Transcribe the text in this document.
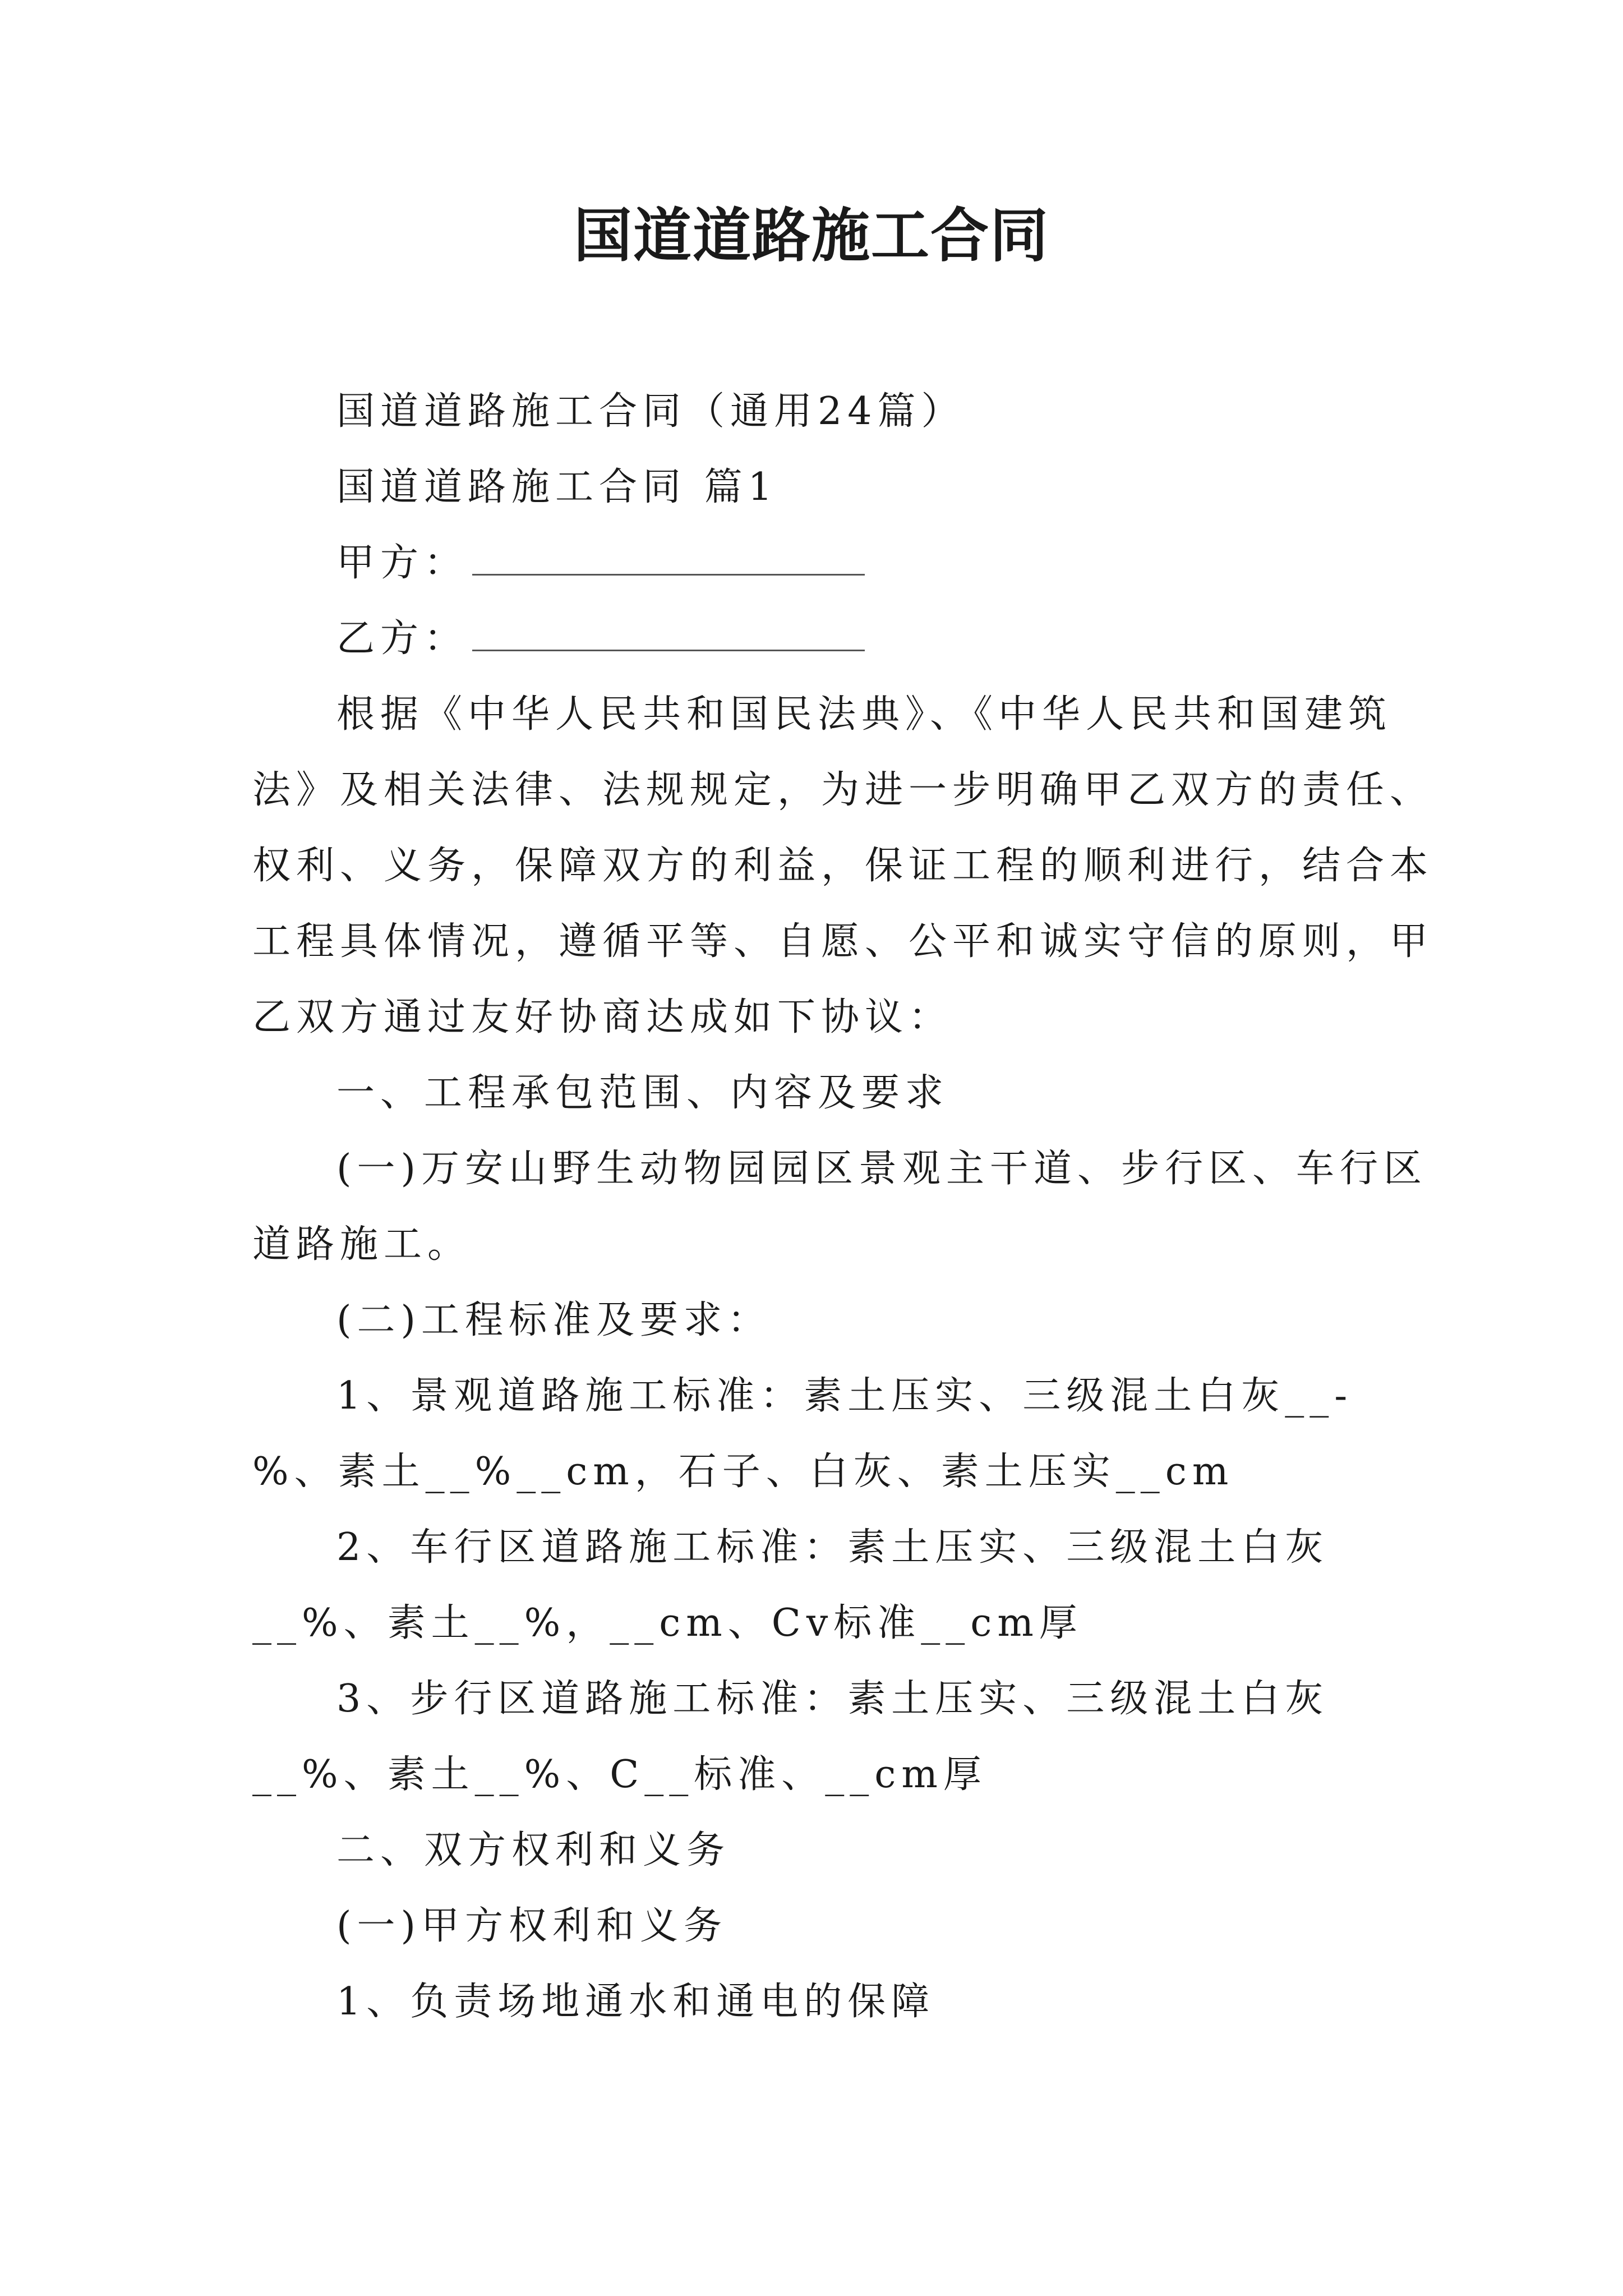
国道道路施工合同

国道道路施工合同（通用24篇）

国道道路施工合同 篇1

甲方：

乙方：

根据《中华人民共和国民法典》、《中华人民共和国建筑法》及相关法律、法规规定，为进一步明确甲乙双方的责任、权利、义务，保障双方的利益，保证工程的顺利进行，结合本工程具体情况，遵循平等、自愿、公平和诚实守信的原则，甲乙双方通过友好协商达成如下协议：

一、工程承包范围、内容及要求

(一)万安山野生动物园园区景观主干道、步行区、车行区道路施工。

(二)工程标准及要求：

1、景观道路施工标准：素土压实、三级混土白灰__-%、素土__%__cm，石子、白灰、素土压实__cm

2、车行区道路施工标准：素土压实、三级混土白灰__%、素土__%，__cm、Cv标准__cm厚

3、步行区道路施工标准：素土压实、三级混土白灰__%、素土__%、C__标准、__cm厚

二、双方权利和义务

(一)甲方权利和义务

1、负责场地通水和通电的保障
